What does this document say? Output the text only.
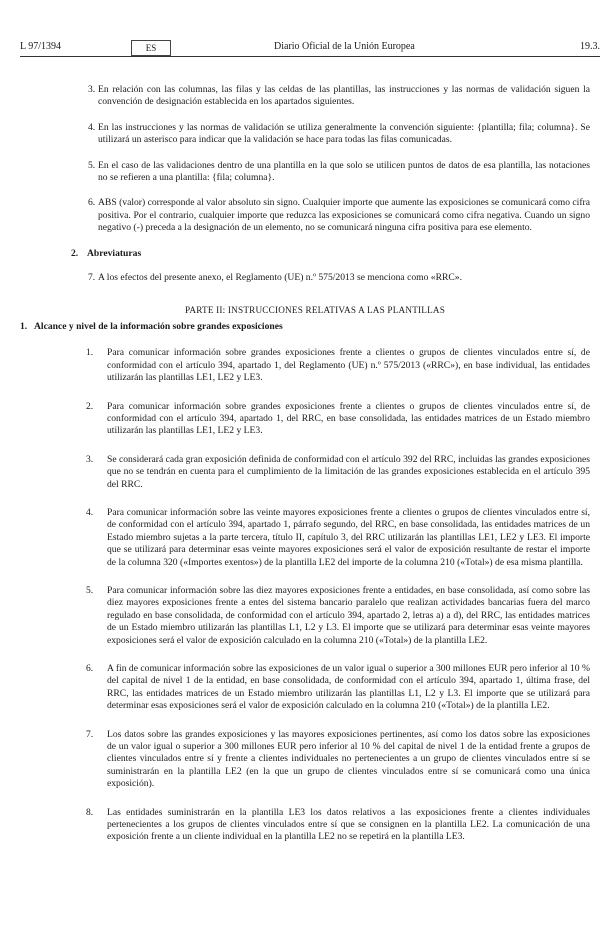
L 97/1394	ES	Diario Oficial de la Unión Europea	19.3.
3. En relación con las columnas, las filas y las celdas de las plantillas, las instrucciones y las normas de validación siguen la convención de designación establecida en los apartados siguientes.
4. En las instrucciones y las normas de validación se utiliza generalmente la convención siguiente: {plantilla; fila; columna}. Se utilizará un asterisco para indicar que la validación se hace para todas las filas comunicadas.
5. En el caso de las validaciones dentro de una plantilla en la que solo se utilicen puntos de datos de esa plantilla, las notaciones no se refieren a una plantilla: {fila; columna}.
6. ABS (valor) corresponde al valor absoluto sin signo. Cualquier importe que aumente las exposiciones se comunicará como cifra positiva. Por el contrario, cualquier importe que reduzca las exposiciones se comunicará como cifra negativa. Cuando un signo negativo (-) preceda a la designación de un elemento, no se comunicará ninguna cifra positiva para ese elemento.
2. Abreviaturas
7. A los efectos del presente anexo, el Reglamento (UE) n.º 575/2013 se menciona como «RRC».
PARTE II: INSTRUCCIONES RELATIVAS A LAS PLANTILLAS
1. Alcance y nivel de la información sobre grandes exposiciones
1. Para comunicar información sobre grandes exposiciones frente a clientes o grupos de clientes vinculados entre sí, de conformidad con el artículo 394, apartado 1, del Reglamento (UE) n.º 575/2013 («RRC»), en base individual, las entidades utilizarán las plantillas LE1, LE2 y LE3.
2. Para comunicar información sobre grandes exposiciones frente a clientes o grupos de clientes vinculados entre sí, de conformidad con el artículo 394, apartado 1, del RRC, en base consolidada, las entidades matrices de un Estado miembro utilizarán las plantillas LE1, LE2 y LE3.
3. Se considerará cada gran exposición definida de conformidad con el artículo 392 del RRC, incluidas las grandes exposiciones que no se tendrán en cuenta para el cumplimiento de la limitación de las grandes exposiciones establecida en el artículo 395 del RRC.
4. Para comunicar información sobre las veinte mayores exposiciones frente a clientes o grupos de clientes vinculados entre sí, de conformidad con el artículo 394, apartado 1, párrafo segundo, del RRC, en base consolidada, las entidades matrices de un Estado miembro sujetas a la parte tercera, título II, capítulo 3, del RRC utilizarán las plantillas LE1, LE2 y LE3. El importe que se utilizará para determinar esas veinte mayores exposiciones será el valor de exposición resultante de restar el importe de la columna 320 («Importes exentos») de la plantilla LE2 del importe de la columna 210 («Total») de esa misma plantilla.
5. Para comunicar información sobre las diez mayores exposiciones frente a entidades, en base consolidada, así como sobre las diez mayores exposiciones frente a entes del sistema bancario paralelo que realizan actividades bancarias fuera del marco regulado en base consolidada, de conformidad con el artículo 394, apartado 2, letras a) a d), del RRC, las entidades matrices de un Estado miembro utilizarán las plantillas L1, L2 y L3. El importe que se utilizará para determinar esas veinte mayores exposiciones será el valor de exposición calculado en la columna 210 («Total») de la plantilla LE2.
6. A fin de comunicar información sobre las exposiciones de un valor igual o superior a 300 millones EUR pero inferior al 10 % del capital de nivel 1 de la entidad, en base consolidada, de conformidad con el artículo 394, apartado 1, última frase, del RRC, las entidades matrices de un Estado miembro utilizarán las plantillas L1, L2 y L3. El importe que se utilizará para determinar esas exposiciones será el valor de exposición calculado en la columna 210 («Total») de la plantilla LE2.
7. Los datos sobre las grandes exposiciones y las mayores exposiciones pertinentes, así como los datos sobre las exposiciones de un valor igual o superior a 300 millones EUR pero inferior al 10 % del capital de nivel 1 de la entidad frente a grupos de clientes vinculados entre sí y frente a clientes individuales no pertenecientes a un grupo de clientes vinculados entre sí se suministrarán en la plantilla LE2 (en la que un grupo de clientes vinculados entre sí se comunicará como una única exposición).
8. Las entidades suministrarán en la plantilla LE3 los datos relativos a las exposiciones frente a clientes individuales pertenecientes a los grupos de clientes vinculados entre sí que se consignen en la plantilla LE2. La comunicación de una exposición frente a un cliente individual en la plantilla LE2 no se repetirá en la plantilla LE3.
